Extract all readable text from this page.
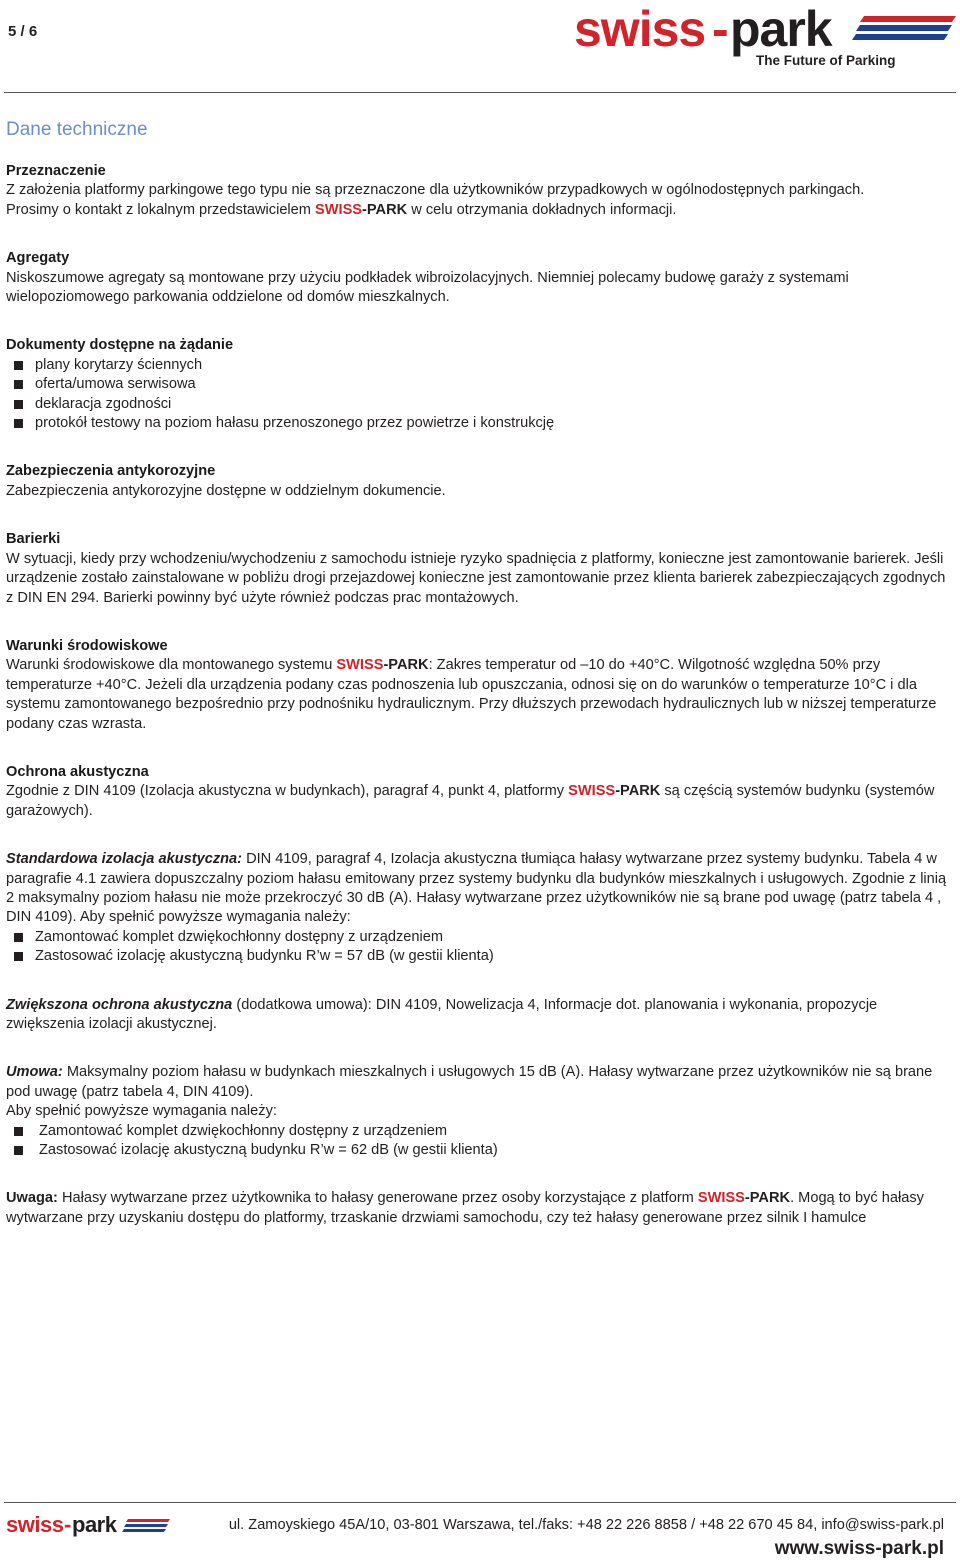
5 / 6	swiss - park
The Future of Parking
Dane techniczne
Przeznaczenie
Z założenia platformy parkingowe tego typu nie są przeznaczone dla użytkowników przypadkowych w ogólnodostępnych parkingach.
Prosimy o kontakt z lokalnym przedstawicielem SWISS-PARK w celu otrzymania dokładnych informacji.
Agregaty
Niskoszumowe agregaty są montowane przy użyciu podkładek wibroizolacyjnych. Niemniej polecamy budowę garaży z systemami wielopoziomowego parkowania oddzielone od domów mieszkalnych.
Dokumenty dostępne na żądanie
plany korytarzy ściennych
oferta/umowa serwisowa
deklaracja zgodności
protokół testowy na poziom hałasu przenoszonego przez powietrze i konstrukcję
Zabezpieczenia antykorozyjne
Zabezpieczenia antykorozyjne dostępne w oddzielnym dokumencie.
Barierki
W sytuacji, kiedy przy wchodzeniu/wychodzeniu z samochodu istnieje ryzyko spadnięcia z platformy, konieczne jest zamontowanie barierek. Jeśli urządzenie zostało zainstalowane w pobliżu drogi przejazdowej konieczne jest zamontowanie przez klienta barierek zabezpieczających zgodnych z DIN EN 294. Barierki powinny być użyte również podczas prac montażowych.
Warunki środowiskowe
Warunki środowiskowe dla montowanego systemu SWISS-PARK: Zakres temperatur od –10 do +40°C. Wilgotność względna 50% przy temperaturze +40°C. Jeżeli dla urządzenia podany czas podnoszenia lub opuszczania, odnosi się on do warunków o temperaturze 10°C i dla systemu zamontowanego bezpośrednio przy podnośniku hydraulicznym. Przy dłuższych przewodach hydraulicznych lub w niższej temperaturze podany czas wzrasta.
Ochrona akustyczna
Zgodnie z DIN 4109 (Izolacja akustyczna w budynkach), paragraf 4, punkt 4, platformy SWISS-PARK są częścią systemów budynku (systemów garażowych).
Standardowa izolacja akustyczna: DIN 4109, paragraf 4, Izolacja akustyczna tłumiąca hałasy wytwarzane przez systemy budynku. Tabela 4 w paragrafie 4.1 zawiera dopuszczalny poziom hałasu emitowany przez systemy budynku dla budynków mieszkalnych i usługowych. Zgodnie z linią 2 maksymalny poziom hałasu nie może przekroczyć 30 dB (A). Hałasy wytwarzane przez użytkowników nie są brane pod uwagę (patrz tabela 4 , DIN 4109). Aby spełnić powyższe wymagania należy:
Zamontować komplet dzwiękochłonny dostępny z urządzeniem
Zastosować izolację akustyczną budynku R’w = 57 dB (w gestii klienta)
Zwiększona ochrona akustyczna (dodatkowa umowa): DIN 4109, Nowelizacja 4, Informacje dot. planowania i wykonania, propozycje zwiększenia izolacji akustycznej.
Umowa: Maksymalny poziom hałasu w budynkach mieszkalnych i usługowych 15 dB (A). Hałasy wytwarzane przez użytkowników nie są brane pod uwagę (patrz tabela 4, DIN 4109).
Aby spełnić powyższe wymagania należy:
Zamontować komplet dzwiękochłonny dostępny z urządzeniem
Zastosować izolację akustyczną budynku R’w = 62 dB (w gestii klienta)
Uwaga: Hałasy wytwarzane przez użytkownika to hałasy generowane przez osoby korzystające z platform SWISS-PARK. Mogą to być hałasy wytwarzane przy uzyskaniu dostępu do platformy, trzaskanie drzwiami samochodu, czy też hałasy generowane przez silnik I hamulce
swiss - park	ul. Zamoyskiego 45A/10, 03-801 Warszawa, tel./faks: +48 22 226 8858 / +48 22 670 45 84, info@swiss-park.pl
www.swiss-park.pl
